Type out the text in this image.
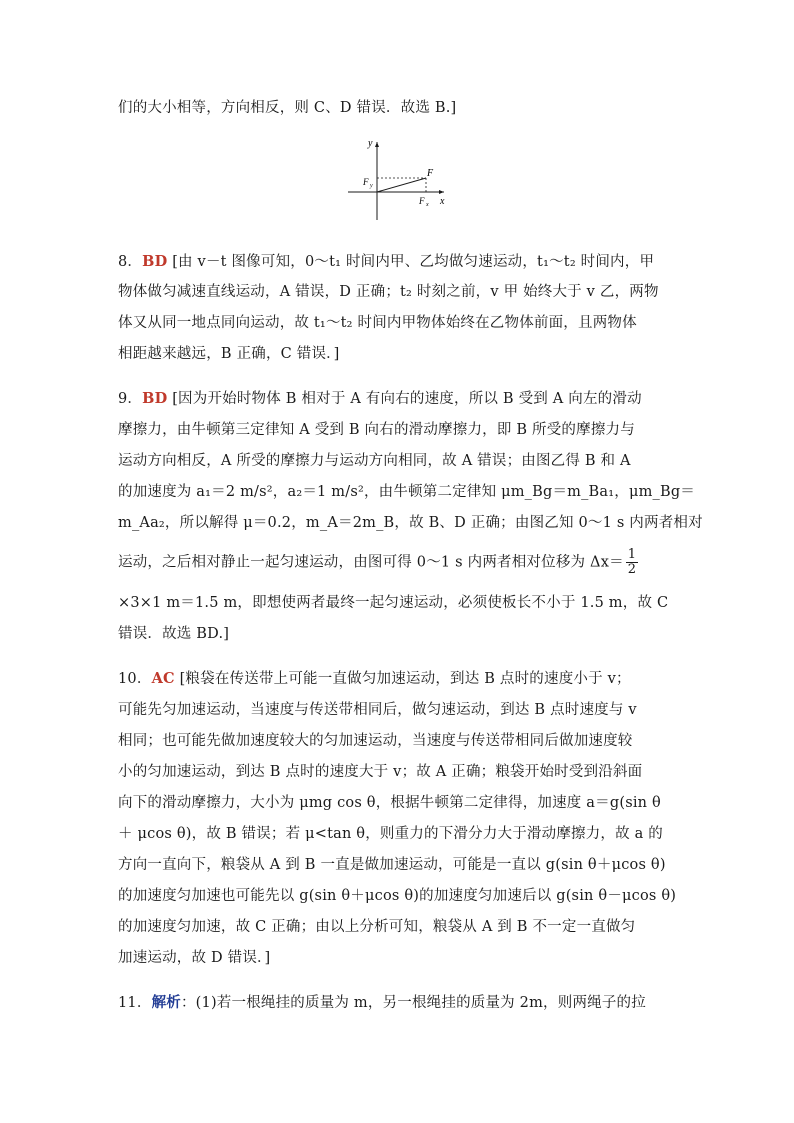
们的大小相等，方向相反，则 C、D 错误．故选 B.]
y
x
F
F y
F x
8．BD [由 v－t 图像可知，0～t₁ 时间内甲、乙均做匀速运动，t₁～t₂ 时间内，甲
物体做匀减速直线运动，A 错误，D 正确；t₂ 时刻之前，v 甲 始终大于 v 乙，两物
体又从同一地点同向运动，故 t₁～t₂ 时间内甲物体始终在乙物体前面，且两物体
相距越来越远，B 正确，C 错误．]
9．BD [因为开始时物体 B 相对于 A 有向右的速度，所以 B 受到 A 向左的滑动
摩擦力，由牛顿第三定律知 A 受到 B 向右的滑动摩擦力，即 B 所受的摩擦力与
运动方向相反，A 所受的摩擦力与运动方向相同，故 A 错误；由图乙得 B 和 A
的加速度为 a₁＝2 m/s²，a₂＝1 m/s²，由牛顿第二定律知 μm_Bg＝m_Ba₁，μm_Bg＝
m_Aa₂，所以解得 μ＝0.2，m_A＝2m_B，故 B、D 正确；由图乙知 0～1 s 内两者相对
运动，之后相对静止一起匀速运动，由图可得 0～1 s 内两者相对位移为 $\Delta x= \frac{1}{2}$
×3×1 m＝1.5 m，即想使两者最终一起匀速运动，必须使板长不小于 1.5 m，故 C
错误．故选 BD.]
10．AC [粮袋在传送带上可能一直做匀加速运动，到达 B 点时的速度小于 v；
可能先匀加速运动，当速度与传送带相同后，做匀速运动，到达 B 点时速度与 v
相同；也可能先做加速度较大的匀加速运动，当速度与传送带相同后做加速度较
小的匀加速运动，到达 B 点时的速度大于 v；故 A 正确；粮袋开始时受到沿斜面
向下的滑动摩擦力，大小为 μmg cos θ，根据牛顿第二定律得，加速度 a＝g(sin θ
＋ μcos θ)，故 B 错误；若 μ<tan θ，则重力的下滑分力大于滑动摩擦力，故 a 的
方向一直向下，粮袋从 A 到 B 一直是做加速运动，可能是一直以 g(sin θ＋μcos θ)
的加速度匀加速也可能先以 g(sin θ＋μcos θ)的加速度匀加速后以 g(sin θ－μcos θ)
的加速度匀加速，故 C 正确；由以上分析可知，粮袋从 A 到 B 不一定一直做匀
加速运动，故 D 错误．]
11．解析：(1)若一根绳挂的质量为 m，另一根绳挂的质量为 2m，则两绳子的拉
